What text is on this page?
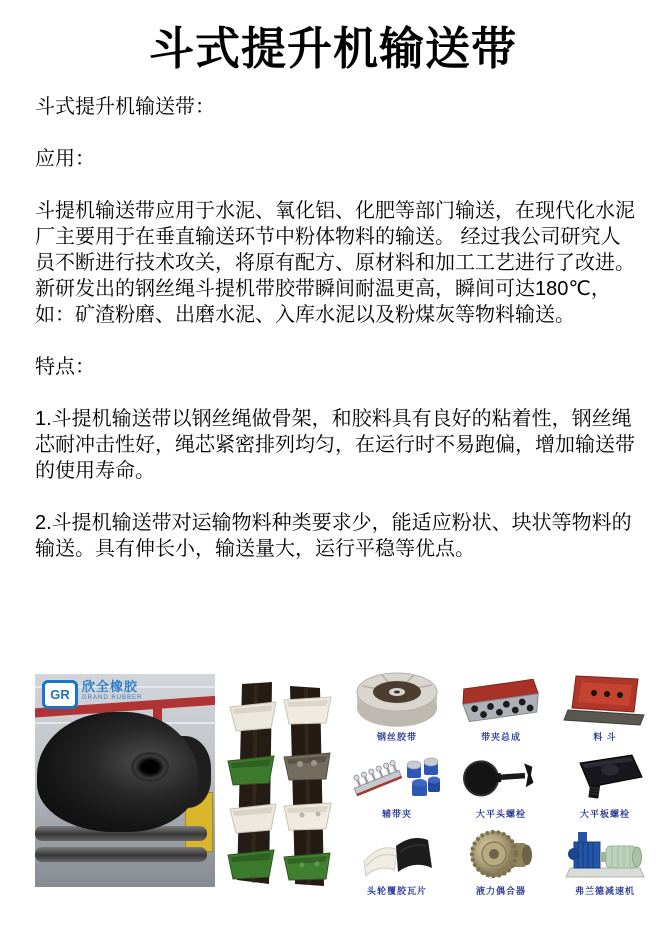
斗式提升机输送带

斗式提升机输送带：

应用：

斗提机输送带应用于水泥、氧化铝、化肥等部门输送，在现代化水泥厂主要用于在垂直输送环节中粉体物料的输送。 经过我公司研究人员不断进行技术攻关，将原有配方、原材料和加工工艺进行了改进。新研发出的钢丝绳斗提机带胶带瞬间耐温更高，瞬间可达180℃，如：矿渣粉磨、出磨水泥、入库水泥以及粉煤灰等物料输送。

特点：

1.斗提机输送带以钢丝绳做骨架，和胶料具有良好的粘着性，钢丝绳芯耐冲击性好，绳芯紧密排列均匀，在运行时不易跑偏，增加输送带的使用寿命。

2.斗提机输送带对运输物料种类要求少，能适应粉状、块状等物料的输送。具有伸长小，输送量大，运行平稳等优点。

GR
欣全橡胶
GRAND RUBBER
钢丝胶带	带夹总成	料 斗
辅带夹	大平头螺栓	大平板螺栓
头轮覆胶瓦片	液力偶合器	弗兰德减速机
